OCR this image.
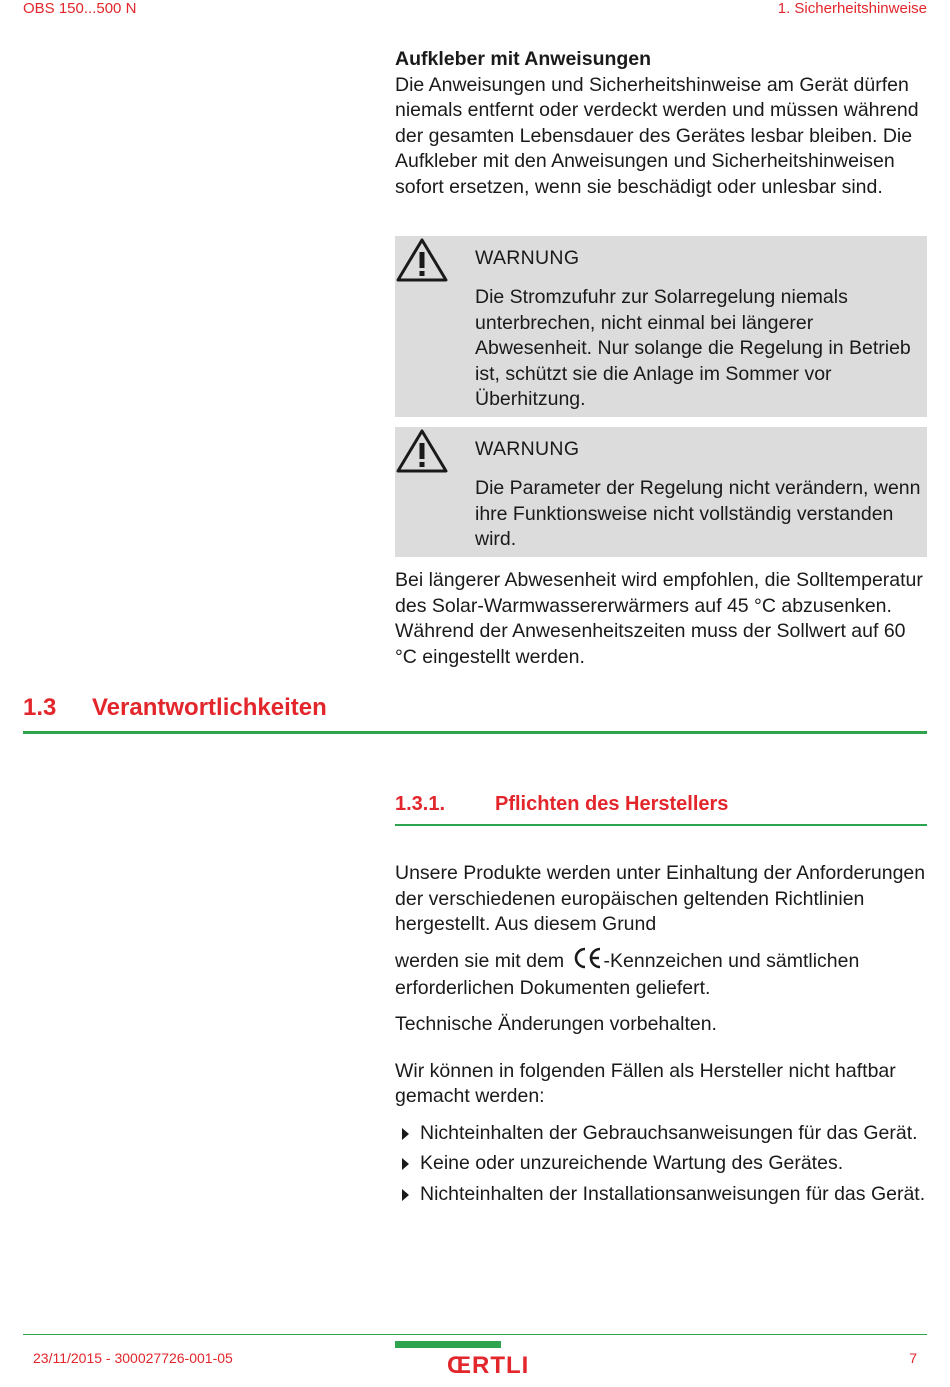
OBS 150...500 N	1. Sicherheitshinweise

Aufkleber mit Anweisungen

Die Anweisungen und Sicherheitshinweise am Gerät dürfen niemals entfernt oder verdeckt werden und müssen während der gesamten Lebensdauer des Gerätes lesbar bleiben. Die Aufkleber mit den Anweisungen und Sicherheitshinweisen sofort ersetzen, wenn sie beschädigt oder unlesbar sind.

WARNUNG

Die Stromzufuhr zur Solarregelung niemals unterbrechen, nicht einmal bei längerer Abwesenheit. Nur solange die Regelung in Betrieb ist, schützt sie die Anlage im Sommer vor Überhitzung.

WARNUNG

Die Parameter der Regelung nicht verändern, wenn ihre Funktionsweise nicht vollständig verstanden wird.

Bei längerer Abwesenheit wird empfohlen, die Solltemperatur des Solar-Warmwassererwärmers auf 45 °C abzusenken. Während der Anwesenheitszeiten muss der Sollwert auf 60 °C eingestellt werden.

1.3 Verantwortlichkeiten
1.3.1. Pflichten des Herstellers

Unsere Produkte werden unter Einhaltung der Anforderungen der verschiedenen europäischen geltenden Richtlinien hergestellt. Aus diesem Grund

werden sie mit dem -Kennzeichen und sämtlichen erforderlichen Dokumenten geliefert.

Technische Änderungen vorbehalten.

Wir können in folgenden Fällen als Hersteller nicht haftbar gemacht werden:

Nichteinhalten der Gebrauchsanweisungen für das Gerät.
Keine oder unzureichende Wartung des Gerätes.
Nichteinhalten der Installationsanweisungen für das Gerät.
23/11/2015 - 300027726-001-05	ŒRTLI	7
